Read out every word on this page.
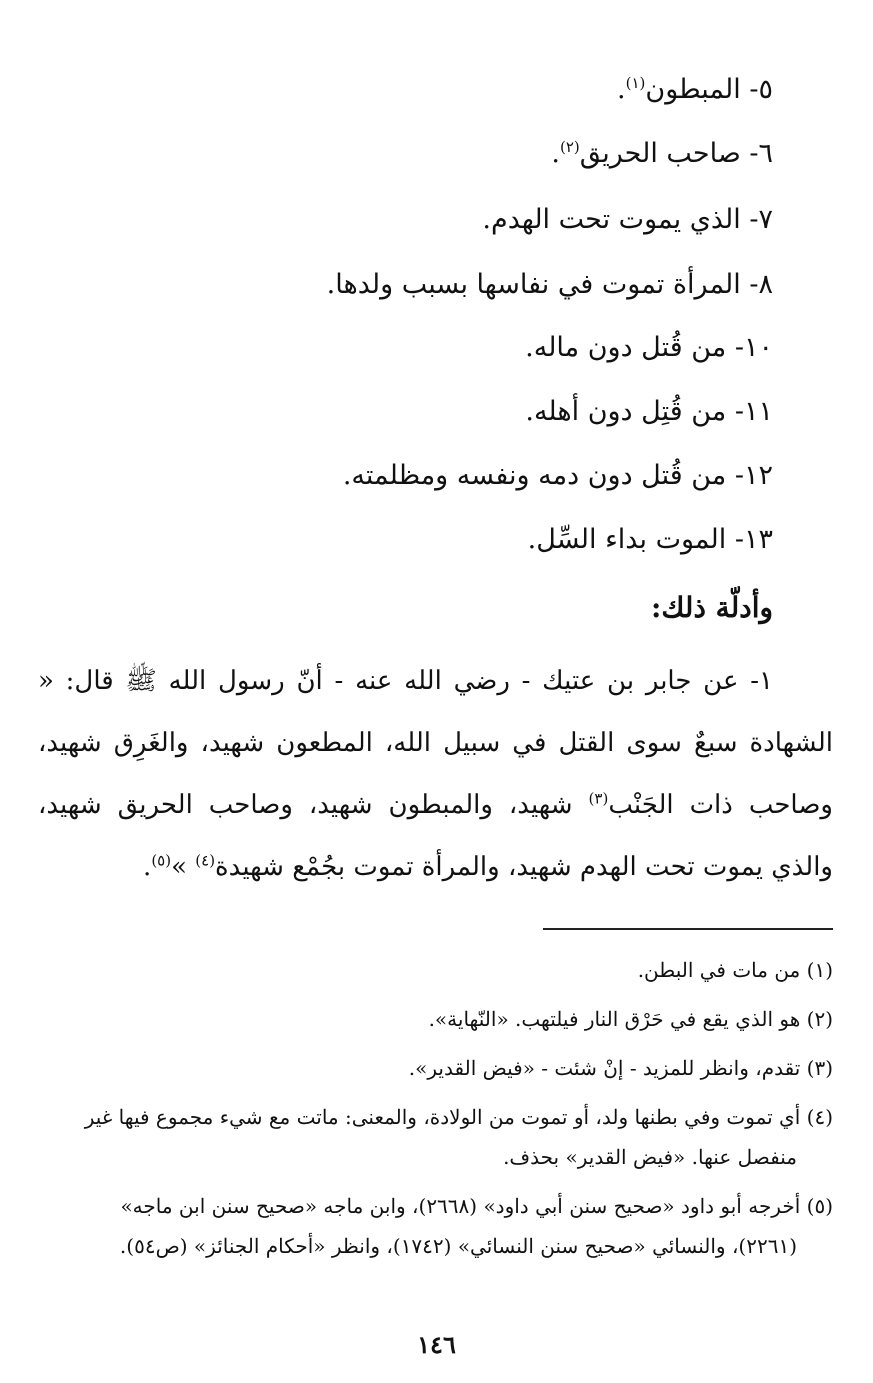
٥- المبطون$^{(١)}$.
٦- صاحب الحريق$^{(٢)}$.
٧- الذي يموت تحت الهدم.
٨- المرأة تموت في نفاسها بسبب ولدها.
١٠- من قُتل دون ماله.
١١- من قُتِل دون أهله.
١٢- من قُتل دون دمه ونفسه ومظلمته.
١٣- الموت بداء السِّل.
وأدلّة ذلك:

١- عن جابر بن عتيك - رضي الله عنه - أنّ رسول الله ﷺ قال: « الشهادة سبعٌ سوى القتل في سبيل الله، المطعون شهيد، والغَرِق شهيد، وصاحب ذات الجَنْب$^{(٣)}$ شهيد، والمبطون شهيد، وصاحب الحريق شهيد، والذي يموت تحت الهدم شهيد، والمرأة تموت بجُمْع شهيدة$^{(٤)}$ »$^{(٥)}$.

(١) من مات في البطن.
(٢) هو الذي يقع في حَرْق النار فيلتهب. «النّهاية».
(٣) تقدم، وانظر للمزيد - إنْ شئت - «فيض القدير».
(٤) أي تموت وفي بطنها ولد، أو تموت من الولادة، والمعنى: ماتت مع شيء مجموع فيها غير
منفصل عنها. «فيض القدير» بحذف.
(٥) أخرجه أبو داود «صحيح سنن أبي داود» (٢٦٦٨)، وابن ماجه «صحيح سنن ابن ماجه»
(٢٢٦١)، والنسائي «صحيح سنن النسائي» (١٧٤٢)، وانظر «أحكام الجنائز» (ص٥٤).
١٤٦
